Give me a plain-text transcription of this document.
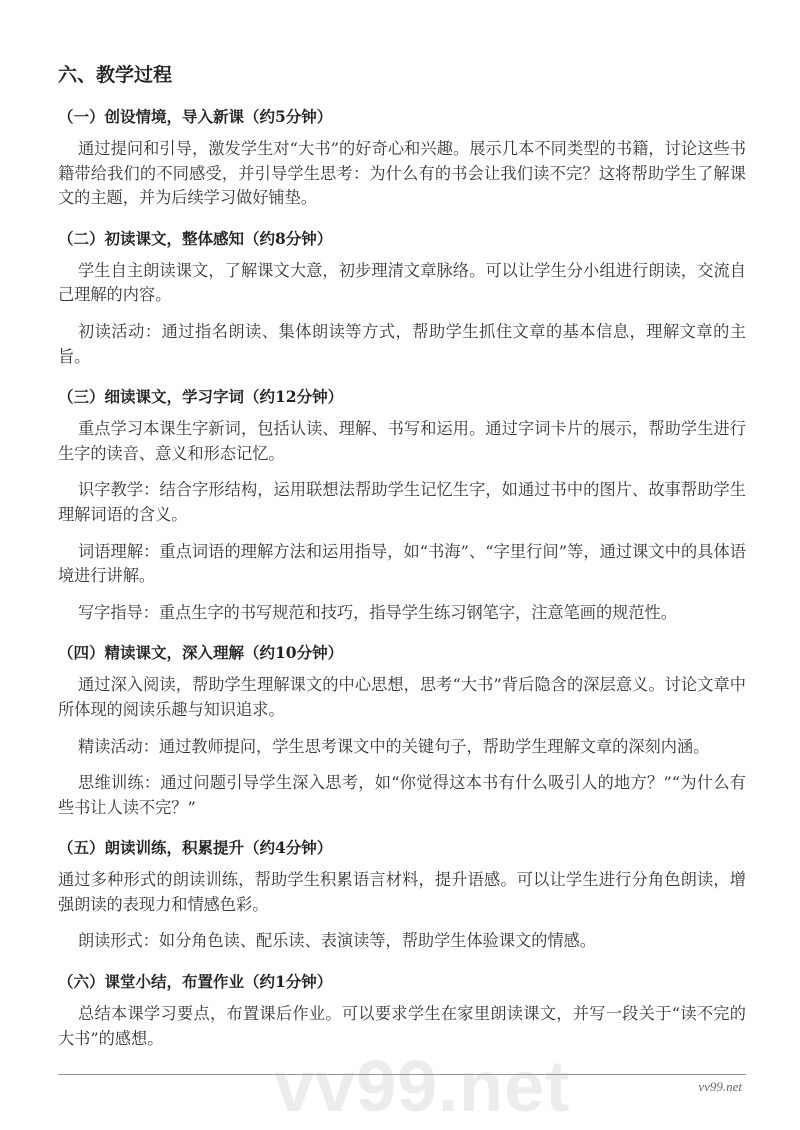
六、教学过程
（一）创设情境，导入新课（约5分钟）
通过提问和引导，激发学生对“大书”的好奇心和兴趣。展示几本不同类型的书籍，讨论这些书籍带给我们的不同感受，并引导学生思考：为什么有的书会让我们读不完？这将帮助学生了解课文的主题，并为后续学习做好铺垫。
（二）初读课文，整体感知（约8分钟）
学生自主朗读课文，了解课文大意，初步理清文章脉络。可以让学生分小组进行朗读，交流自己理解的内容。
初读活动：通过指名朗读、集体朗读等方式，帮助学生抓住文章的基本信息，理解文章的主旨。
（三）细读课文，学习字词（约12分钟）
重点学习本课生字新词，包括认读、理解、书写和运用。通过字词卡片的展示，帮助学生进行生字的读音、意义和形态记忆。
识字教学：结合字形结构，运用联想法帮助学生记忆生字，如通过书中的图片、故事帮助学生理解词语的含义。
词语理解：重点词语的理解方法和运用指导，如“书海”、“字里行间”等，通过课文中的具体语境进行讲解。
写字指导：重点生字的书写规范和技巧，指导学生练习钢笔字，注意笔画的规范性。
（四）精读课文，深入理解（约10分钟）
通过深入阅读，帮助学生理解课文的中心思想，思考“大书”背后隐含的深层意义。讨论文章中所体现的阅读乐趣与知识追求。
精读活动：通过教师提问，学生思考课文中的关键句子，帮助学生理解文章的深刻内涵。
思维训练：通过问题引导学生深入思考，如“你觉得这本书有什么吸引人的地方？”“为什么有些书让人读不完？”
（五）朗读训练，积累提升（约4分钟）
通过多种形式的朗读训练，帮助学生积累语言材料，提升语感。可以让学生进行分角色朗读，增强朗读的表现力和情感色彩。
朗读形式：如分角色读、配乐读、表演读等，帮助学生体验课文的情感。
（六）课堂小结，布置作业（约1分钟）
总结本课学习要点，布置课后作业。可以要求学生在家里朗读课文，并写一段关于“读不完的大书”的感想。
vv99.net	vv99.net
